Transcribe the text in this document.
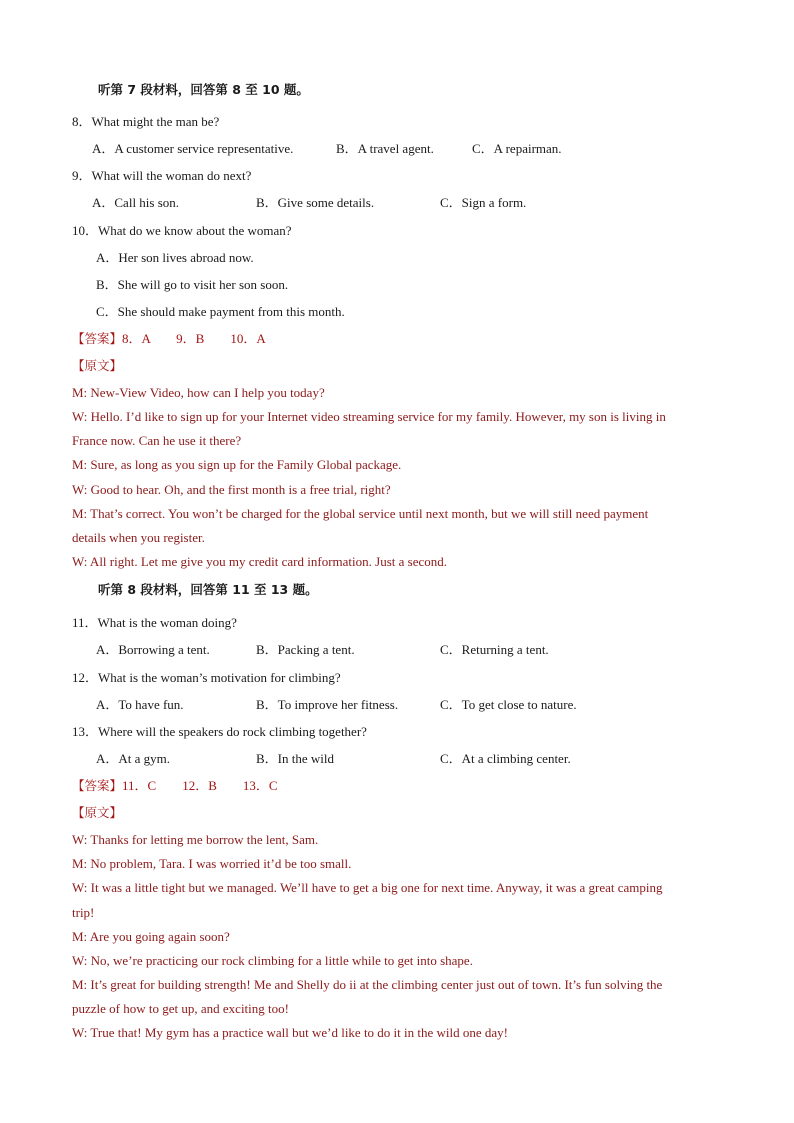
听第 7 段材料，回答第 8 至 10 题。
8．What might the man be?
A．A customer service representative.	B．A travel agent.	C．A repairman.
9．What will the woman do next?
A．Call his son.	B．Give some details.	C．Sign a form.
10．What do we know about the woman?
A．Her son lives abroad now.
B．She will go to visit her son soon.
C．She should make payment from this month.
【答案】8．A　　9．B　　10．A
【原文】
M: New-View Video, how can I help you today?
W: Hello. I’d like to sign up for your Internet video streaming service for my family. However, my son is living in
France now. Can he use it there?
M: Sure, as long as you sign up for the Family Global package.
W: Good to hear. Oh, and the first month is a free trial, right?
M: That’s correct. You won’t be charged for the global service until next month, but we will still need payment
details when you register.
W: All right. Let me give you my credit card information. Just a second.
听第 8 段材料，回答第 11 至 13 题。
11．What is the woman doing?
A．Borrowing a tent.	B．Packing a tent.	C．Returning a tent.
12．What is the woman’s motivation for climbing?
A．To have fun.	B．To improve her fitness.	C．To get close to nature.
13．Where will the speakers do rock climbing together?
A．At a gym.	B．In the wild	C．At a climbing center.
【答案】11．C　　12．B　　13．C
【原文】
W: Thanks for letting me borrow the lent, Sam.
M: No problem, Tara. I was worried it’d be too small.
W: It was a little tight but we managed. We’ll have to get a big one for next time. Anyway, it was a great camping
trip!
M: Are you going again soon?
W: No, we’re practicing our rock climbing for a little while to get into shape.
M: It’s great for building strength! Me and Shelly do ii at the climbing center just out of town. It’s fun solving the
puzzle of how to get up, and exciting too!
W: True that! My gym has a practice wall but we’d like to do it in the wild one day!
